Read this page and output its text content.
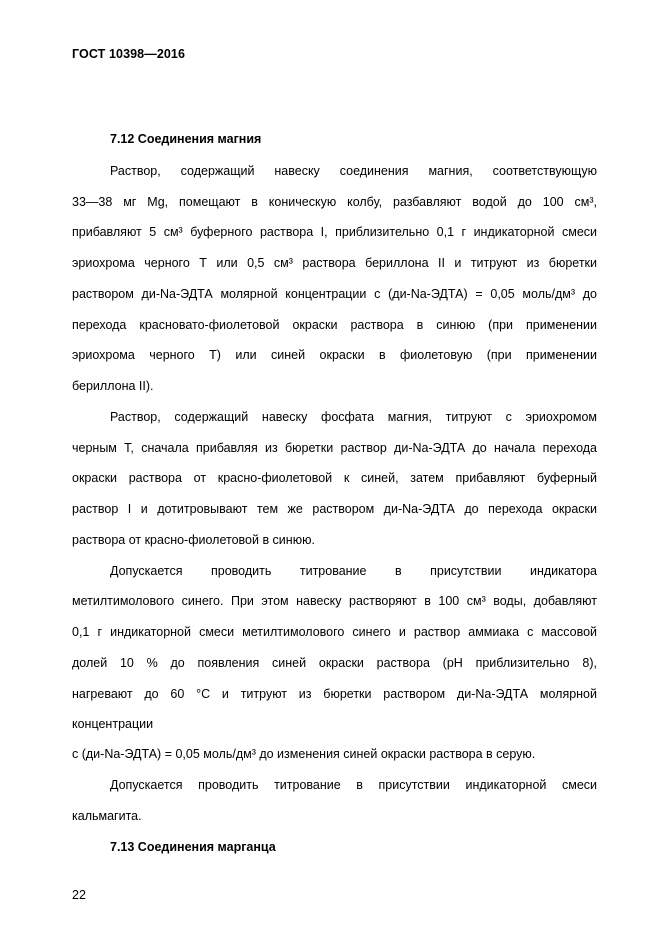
ГОСТ 10398—2016
7.12 Соединения магния
Раствор, содержащий навеску соединения магния, соответствующую
33—38 мг Mg, помещают в коническую колбу, разбавляют водой до 100 см³,
прибавляют 5 см³ буферного раствора I, приблизительно 0,1 г индикаторной смеси
эриохрома черного Т или 0,5 см³ раствора бериллона II и титруют из бюретки
раствором ди-Na-ЭДТА молярной концентрации с (ди-Na-ЭДТА) = 0,05 моль/дм³ до
перехода красновато-фиолетовой окраски раствора в синюю (при применении
эриохрома черного Т) или синей окраски в фиолетовую (при применении
бериллона II).
Раствор, содержащий навеску фосфата магния, титруют с эриохромом
черным Т, сначала прибавляя из бюретки раствор ди-Na-ЭДТА до начала перехода
окраски раствора от красно-фиолетовой к синей, затем прибавляют буферный
раствор I и дотитровывают тем же раствором ди-Na-ЭДТА до перехода окраски
раствора от красно-фиолетовой в синюю.
Допускается проводить титрование в присутствии индикатора
метилтимолового синего. При этом навеску растворяют в 100 см³ воды, добавляют
0,1 г индикаторной смеси метилтимолового синего и раствор аммиака с массовой
долей 10 % до появления синей окраски раствора (pH приблизительно 8),
нагревают до 60 °С и титруют из бюретки раствором ди-Na-ЭДТА молярной
концентрации
с (ди-Na-ЭДТА) = 0,05 моль/дм³ до изменения синей окраски раствора в серую.
Допускается проводить титрование в присутствии индикаторной смеси
кальмагита.
7.13 Соединения марганца
22
